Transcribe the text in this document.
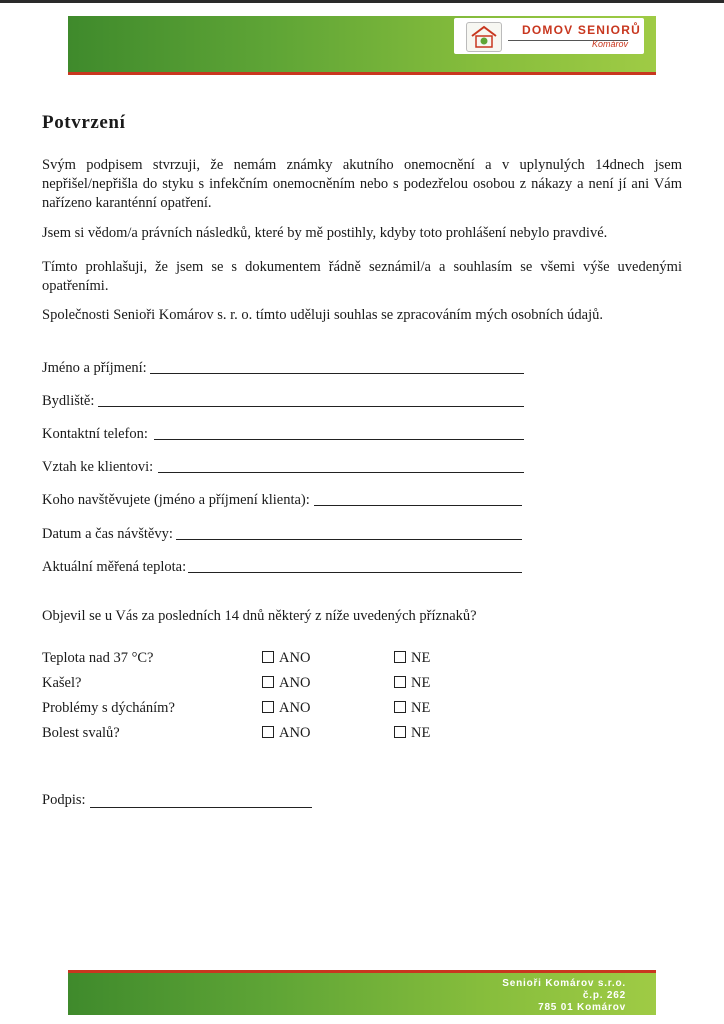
DOMOV SENIORŮ
Komárov
Potvrzení

Svým podpisem stvrzuji, že nemám známky akutního onemocnění a v uplynulých 14dnech jsem nepřišel/nepřišla do styku s infekčním onemocněním nebo s podezřelou osobou z nákazy a není jí ani Vám nařízeno karanténní opatření.

Jsem si vědom/a právních následků, které by mě postihly, kdyby toto prohlášení nebylo pravdivé.

Tímto prohlašuji, že jsem se s dokumentem řádně seznámil/a a souhlasím se všemi výše uvedenými opatřeními.

Společnosti Senioři Komárov s. r. o. tímto uděluji souhlas se zpracováním mých osobních údajů.

Jméno a příjmení:
Bydliště:
Kontaktní telefon:
Vztah ke klientovi:
Koho navštěvujete (jméno a příjmení klienta):
Datum a čas návštěvy:
Aktuální měřená teplota:
Objevil se u Vás za posledních 14 dnů některý z níže uvedených příznaků?
Teplota nad 37 °C?	ANO	NE
Kašel?	ANO	NE
Problémy s dýcháním?	ANO	NE
Bolest svalů?	ANO	NE
Podpis:
Senioři Komárov s.r.o.
č.p. 262
785 01 Komárov
